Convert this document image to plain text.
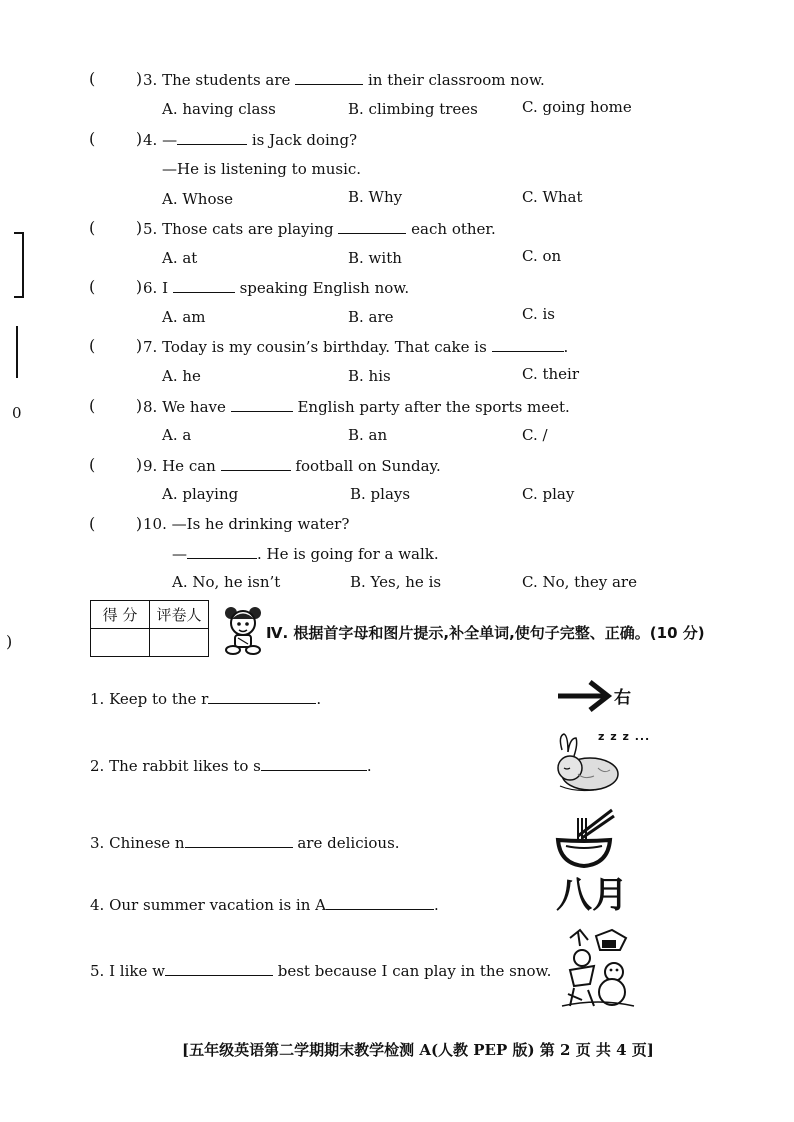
0
)
(        ) 3. The students are	in their classroom now.
A. having class	B. climbing trees	C. going home
(        ) 4. —	is Jack doing?
—He is listening to music.
A. Whose	B. Why	C. What
(        ) 5. Those cats are playing	each other.
A. at	B. with	C. on
(        ) 6. I	speaking English now.
A. am	B. are	C. is
(        ) 7. Today is my cousin’s birthday. That cake is	.
A. he	B. his	C. their
(        ) 8. We have	English party after the sports meet.
A. a	B. an	C. /
(        ) 9. He can	football on Sunday.
A. playing	B. plays	C. play
(        ) 10. —Is he drinking water?
—	. He is going for a walk.
A. No, he isn’t	B. Yes, he is	C. No, they are
得 分	评卷人

Ⅳ. 根据首字母和图片提示,补全单词,使句子完整、正确。(10 分)
1. Keep to the r	.
2. The rabbit likes to s	.
3. Chinese n	are delicious.
4. Our summer vacation is in A	.
5. I like w	best because I can play in the snow.
右
z z z ...
八月
[五年级英语第二学期期末教学检测 A(人教 PEP 版) 第 2 页 共 4 页]
